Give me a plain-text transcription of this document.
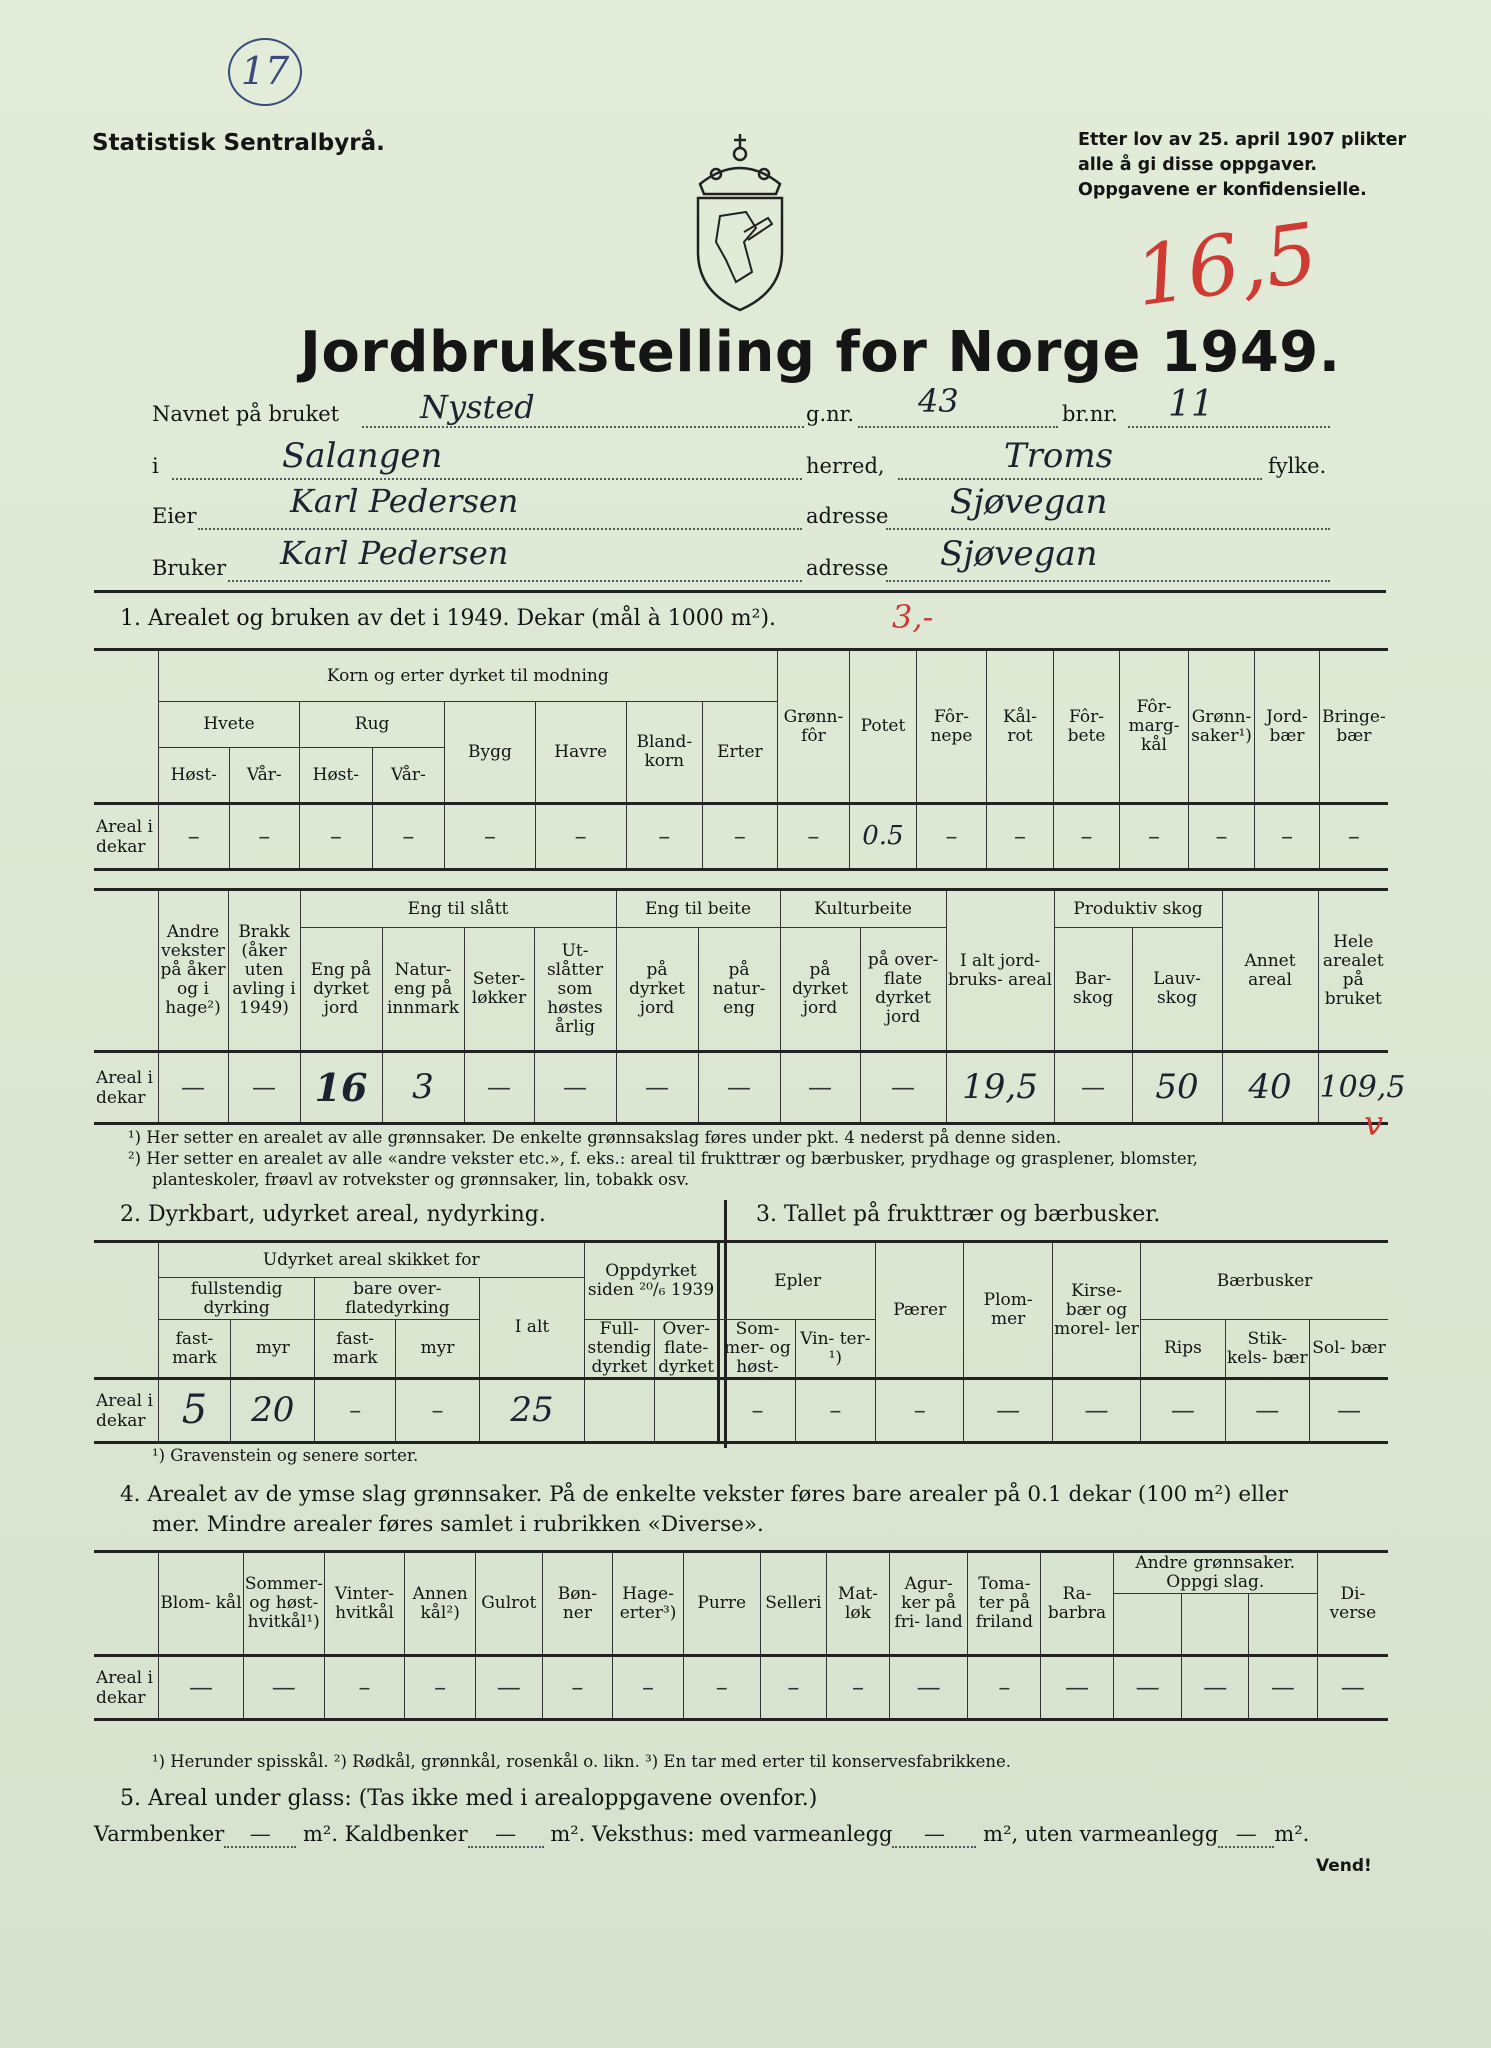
17
16,5
Statistisk Sentralbyrå.	Etter lov av 25. april 1907 plikter
alle å gi disse oppgaver.
Oppgavene er konfidensielle.
Jordbrukstelling for Norge 1949.
Navnet på bruket	Nysted	g.nr. 43	br.nr. 11
i	Salangen	herred,	Troms	fylke.
Eier	Karl Pedersen	adresse Sjøvegan
Bruker Karl Pedersen	adresse Sjøvegan
1. Arealet og bruken av det i 1949. Dekar (mål à 1000 m²).	3,-
	Korn og erter dyrket til modning								Grønn- fôr	Potet	Fôr- nepe	Kål- rot	Fôr- bete	Fôr- marg- kål	Grønn- saker¹)	Jord- bær	Bringe- bær
	Hvete		Rug		Bygg	Havre	Bland- korn	Erter									
	Høst-	Vår-	Høst-	Vår-													
Areal i dekar	–	–	–	–	–	–	–	–	–	0.5	–	–	–	–	–	–	–
	Andre vekster på åker og i hage²)	Brakk (åker uten avling i 1949)	Eng til slått				Eng til beite		Kulturbeite		I alt jord- bruks- areal	Produktiv skog		Annet areal	Hele arealet på bruket
			Eng på dyrket jord	Natur- eng på innmark	Seter- løkker	Ut- slåtter som høstes årlig	på dyrket jord	på natur- eng	på dyrket jord	på over- flate dyrket jord		Bar- skog	Lauv- skog		
Areal i dekar	—	—	16	3	—	—	—	—	—	—	19,5	—	50	40	109,5
v
¹) Her setter en arealet av alle grønnsaker. De enkelte grønnsakslag føres under pkt. 4 nederst på denne siden.
²) Her setter en arealet av alle «andre vekster etc.», f. eks.: areal til frukttrær og bærbusker, prydhage og grasplener, blomster,
planteskoler, frøavl av rotvekster og grønnsaker, lin, tobakk osv.
2. Dyrkbart, udyrket areal, nydyrking.	3. Tallet på frukttrær og bærbusker.
	Udyrket areal skikket for					Oppdyrket siden ²⁰/₆ 1939		Epler		Pærer	Plom- mer	Kirse- bær og morel- ler	Bærbusker		
	fullstendig dyrking		bare over- flatedyrking		I alt										
	fast- mark	myr	fast- mark	myr		Full- stendig dyrket	Over- flate- dyrket	Som- mer- og høst-	Vin- ter-¹)				Rips	Stik- kels- bær	Sol- bær
Areal i dekar	5	20	–	–	25			–	–	–	—	—	—	—	—
¹) Gravenstein og senere sorter.
4. Arealet av de ymse slag grønnsaker. På de enkelte vekster føres bare arealer på 0.1 dekar (100 m²) eller
mer. Mindre arealer føres samlet i rubrikken «Diverse».
	Blom- kål	Sommer- og høst- hvitkål¹)	Vinter- hvitkål	Annen kål²)	Gulrot	Bøn- ner	Hage- erter³)	Purre	Selleri	Mat- løk	Agur- ker på fri- land	Toma- ter på friland	Ra- barbra	Andre grønnsaker. Oppgi slag.			Di- verse

Areal i dekar	—	—	–	–	—	–	–	–	–	–	—	–	—	—	—	—	—
¹) Herunder spisskål. ²) Rødkål, grønnkål, rosenkål o. likn. ³) En tar med erter til konservesfabrikkene.
5. Areal under glass: (Tas ikke med i arealoppgavene ovenfor.)
Varmbenker — m². Kaldbenker — m². Veksthus: med varmeanlegg — m², uten varmeanlegg — m².
Vend!
